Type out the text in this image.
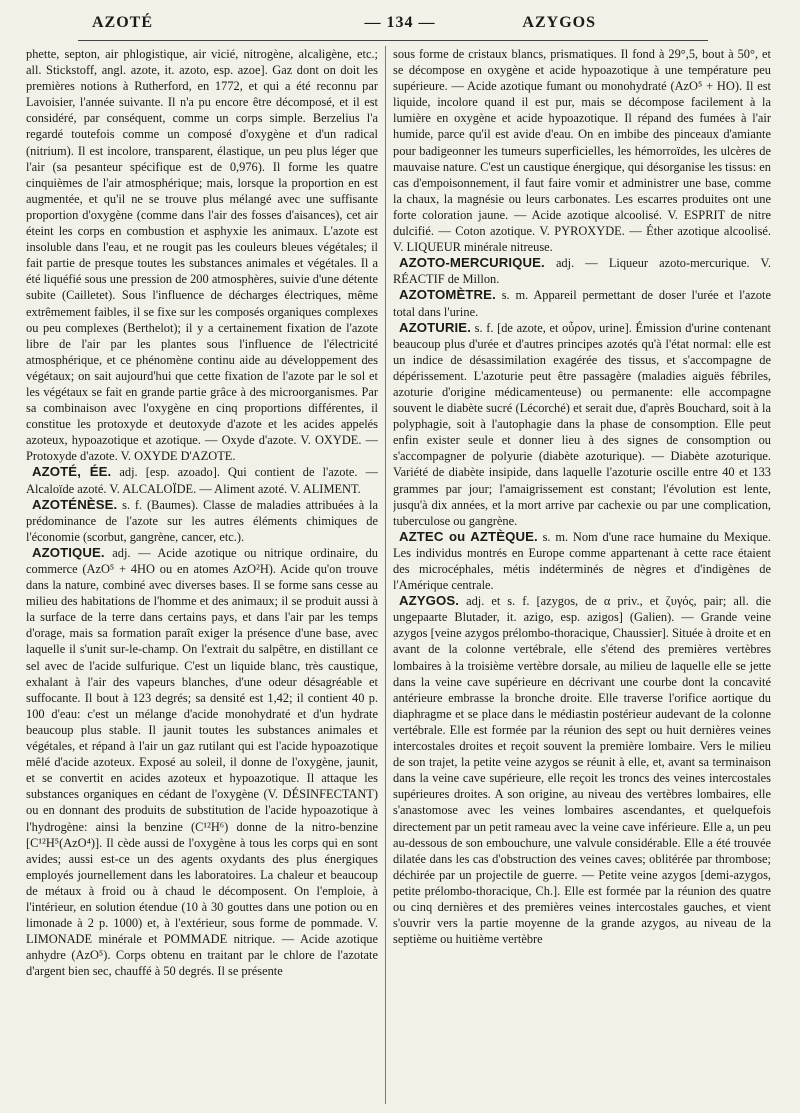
AZOTÉ	— 134 —	AZYGOS

phette, septon, air phlogistique, air vicié, nitrogène, alcaligène, etc.; all. Stickstoff, angl. azote, it. azoto, esp. azoe]. Gaz dont on doit les premières notions à Rutherford, en 1772, et qui a été reconnu par Lavoisier, l'année suivante. Il n'a pu encore être décomposé, et il est considéré, par conséquent, comme un corps simple. Berzelius l'a regardé toutefois comme un composé d'oxygène et d'un radical (nitrium). Il est incolore, transparent, élastique, un peu plus léger que l'air (sa pesanteur spécifique est de 0,976). Il forme les quatre cinquièmes de l'air atmosphérique; mais, lorsque la proportion en est augmentée, et qu'il ne se trouve plus mélangé avec une suffisante proportion d'oxygène (comme dans l'air des fosses d'aisances), cet air éteint les corps en combustion et asphyxie les animaux. L'azote est insoluble dans l'eau, et ne rougit pas les couleurs bleues végétales; il fait partie de presque toutes les substances animales et végétales. Il a été liquéfié sous une pression de 200 atmosphères, suivie d'une détente subite (Cailletet). Sous l'influence de décharges électriques, même extrêmement faibles, il se fixe sur les composés organiques complexes ou peu complexes (Berthelot); il y a certainement fixation de l'azote libre de l'air par les plantes sous l'influence de l'électricité atmosphérique, et ce phénomène continu aide au développement des végétaux; on sait aujourd'hui que cette fixation de l'azote par le sol et les végétaux se fait en grande partie grâce à des microorganismes. Par sa combinaison avec l'oxygène en cinq proportions différentes, il constitue les protoxyde et deutoxyde d'azote et les acides appelés azoteux, hypoazotique et azotique. — Oxyde d'azote. V. OXYDE. — Protoxyde d'azote. V. OXYDE D'AZOTE.

AZOTÉ, ÉE. adj. [esp. azoado]. Qui contient de l'azote. — Alcaloïde azoté. V. ALCALOÏDE. — Aliment azoté. V. ALIMENT.

AZOTÉNÈSE. s. f. (Baumes). Classe de maladies attribuées à la prédominance de l'azote sur les autres éléments chimiques de l'économie (scorbut, gangrène, cancer, etc.).

AZOTIQUE. adj. — Acide azotique ou nitrique ordinaire, du commerce (AzO⁵ + 4HO ou en atomes AzO²H). Acide qu'on trouve dans la nature, combiné avec diverses bases. Il se forme sans cesse au milieu des habitations de l'homme et des animaux; il se produit aussi à la surface de la terre dans certains pays, et dans l'air par les temps d'orage, mais sa formation paraît exiger la présence d'une base, avec laquelle il s'unit sur-le-champ. On l'extrait du salpêtre, en distillant ce sel avec de l'acide sulfurique. C'est un liquide blanc, très caustique, exhalant à l'air des vapeurs blanches, d'une odeur désagréable et suffocante. Il bout à 123 degrés; sa densité est 1,42; il contient 40 p. 100 d'eau: c'est un mélange d'acide monohydraté et d'un hydrate beaucoup plus stable. Il jaunit toutes les substances animales et végétales, et répand à l'air un gaz rutilant qui est l'acide hypoazotique mêlé d'acide azoteux. Exposé au soleil, il donne de l'oxygène, jaunit, et se convertit en acides azoteux et hypoazotique. Il attaque les substances organiques en cédant de l'oxygène (V. DÉSINFECTANT) ou en donnant des produits de substitution de l'acide hypoazotique à l'hydrogène: ainsi la benzine (C¹²H⁶) donne de la nitro-benzine [C¹²H⁵(AzO⁴)]. Il cède aussi de l'oxygène à tous les corps qui en sont avides; aussi est-ce un des agents oxydants des plus énergiques employés journellement dans les laboratoires. La chaleur et beaucoup de métaux à froid ou à chaud le décomposent. On l'emploie, à l'intérieur, en solution étendue (10 à 30 gouttes dans une potion ou en limonade à 2 p. 1000) et, à l'extérieur, sous forme de pommade. V. LIMONADE minérale et POMMADE nitrique. — Acide azotique anhydre (AzO⁵). Corps obtenu en traitant par le chlore de l'azotate d'argent bien sec, chauffé à 50 degrés. Il se présente

sous forme de cristaux blancs, prismatiques. Il fond à 29°,5, bout à 50°, et se décompose en oxygène et acide hypoazotique à une température peu supérieure. — Acide azotique fumant ou monohydraté (AzO⁵ + HO). Il est liquide, incolore quand il est pur, mais se décompose facilement à la lumière en oxygène et acide hypoazotique. Il répand des fumées à l'air humide, parce qu'il est avide d'eau. On en imbibe des pinceaux d'amiante pour badigeonner les tumeurs superficielles, les hémorroïdes, les ulcères de mauvaise nature. C'est un caustique énergique, qui désorganise les tissus: en cas d'empoisonnement, il faut faire vomir et administrer une base, comme la chaux, la magnésie ou leurs carbonates. Les escarres produites ont une forte coloration jaune. — Acide azotique alcoolisé. V. ESPRIT de nitre dulcifié. — Coton azotique. V. PYROXYDE. — Éther azotique alcoolisé. V. LIQUEUR minérale nitreuse.

AZOTO-MERCURIQUE. adj. — Liqueur azoto-mercurique. V. RÉACTIF de Millon.

AZOTOMÈTRE. s. m. Appareil permettant de doser l'urée et l'azote total dans l'urine.

AZOTURIE. s. f. [de azote, et οὖρον, urine]. Émission d'urine contenant beaucoup plus d'urée et d'autres principes azotés qu'à l'état normal: elle est un indice de désassimilation exagérée des tissus, et s'accompagne de dépérissement. L'azoturie peut être passagère (maladies aiguës fébriles, azoturie d'origine médicamenteuse) ou permanente: elle accompagne souvent le diabète sucré (Lécorché) et serait due, d'après Bouchard, soit à la polyphagie, soit à l'autophagie dans la phase de consomption. Elle peut enfin exister seule et donner lieu à des signes de consomption ou s'accompagner de polyurie (diabète azoturique). — Diabète azoturique. Variété de diabète insipide, dans laquelle l'azoturie oscille entre 40 et 133 grammes par jour; l'amaigrissement est constant; l'évolution est lente, jusqu'à dix années, et la mort arrive par cachexie ou par une complication, tuberculose ou gangrène.

AZTEC ou AZTÈQUE. s. m. Nom d'une race humaine du Mexique. Les individus montrés en Europe comme appartenant à cette race étaient des microcéphales, métis indéterminés de nègres et d'indigènes de l'Amérique centrale.

AZYGOS. adj. et s. f. [azygos, de α priv., et ζυγός, pair; all. die ungepaarte Blutader, it. azigo, esp. azigos] (Galien). — Grande veine azygos [veine azygos prélombo-thoracique, Chaussier]. Située à droite et en avant de la colonne vertébrale, elle s'étend des premières vertèbres lombaires à la troisième vertèbre dorsale, au milieu de laquelle elle se jette dans la veine cave supérieure en décrivant une courbe dont la concavité antérieure embrasse la bronche droite. Elle traverse l'orifice aortique du diaphragme et se place dans le médiastin postérieur audevant de la colonne vertébrale. Elle est formée par la réunion des sept ou huit dernières veines intercostales droites et reçoit souvent la première lombaire. Vers le milieu de son trajet, la petite veine azygos se réunit à elle, et, avant sa terminaison dans la veine cave supérieure, elle reçoit les troncs des veines intercostales supérieures droites. A son origine, au niveau des vertèbres lombaires, elle s'anastomose avec les veines lombaires ascendantes, et quelquefois directement par un petit rameau avec la veine cave inférieure. Elle a, un peu au-dessous de son embouchure, une valvule considérable. Elle a été trouvée dilatée dans les cas d'obstruction des veines caves; oblitérée par thrombose; déchirée par un projectile de guerre. — Petite veine azygos [demi-azygos, petite prélombo-thoracique, Ch.]. Elle est formée par la réunion des quatre ou cinq dernières et des premières veines intercostales gauches, et vient s'ouvrir vers la partie moyenne de la grande azygos, au niveau de la septième ou huitième vertèbre
